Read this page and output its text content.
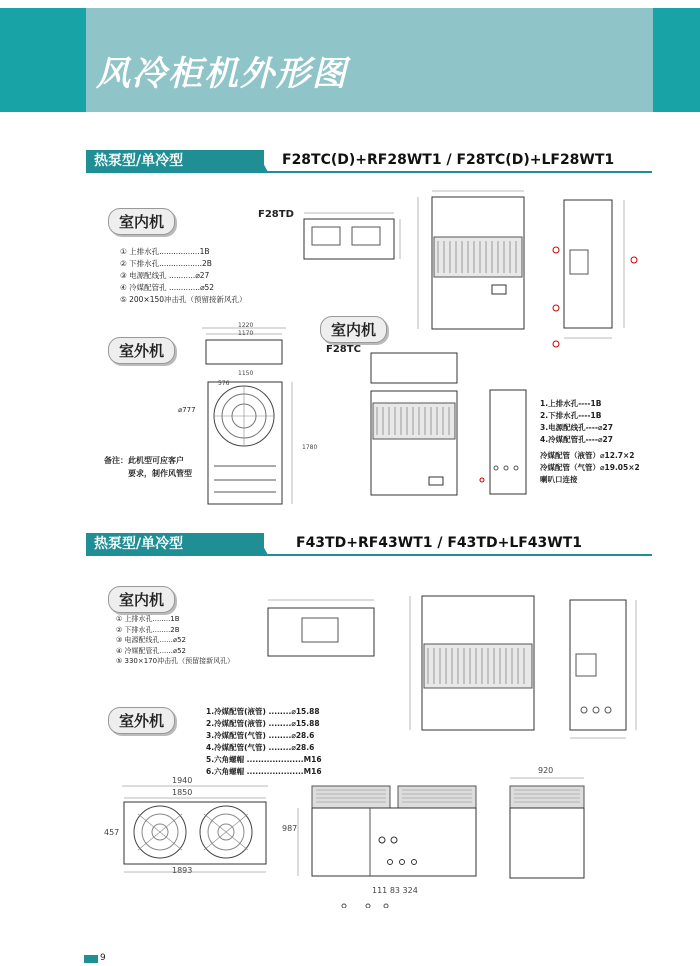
风冷柜机外形图
热泵型/单冷型	F28TC(D)+RF28WT1 / F28TC(D)+LF28WT1
室内机	F28TD
① 上排水孔.................1B
② 下排水孔..................2B
③ 电源配线孔 ...........⌀27
④ 冷媒配管孔 .............⌀52
⑤ 200×150冲击孔（预留接新风孔）
室外机
室内机
F28TC
1220
1170
1150
576
⌀777
1780
备注：此机型可应客户
要求，制作风管型
1.上排水孔----1B
2.下排水孔----1B
3.电源配线孔----⌀27
4.冷媒配管孔----⌀27
冷媒配管（液管）⌀12.7×2
冷媒配管（气管）⌀19.05×2
喇叭口连接
热泵型/单冷型	F43TD+RF43WT1 / F43TD+LF43WT1
室内机
① 上排水孔........1B
② 下排水孔........2B
③ 电源配线孔......⌀52
④ 冷媒配管孔......⌀52
⑤ 330×170冲击孔（预留接新风孔）
室外机
1.冷媒配管(液管) ........⌀15.88
2.冷媒配管(液管) ........⌀15.88
3.冷媒配管(气管) ........⌀28.6
4.冷媒配管(气管) ........⌀28.6
5.六角螺帽 ....................M16
6.六角螺帽 ....................M16
1940
1850
1893
457	987
111 83 324
920
9
